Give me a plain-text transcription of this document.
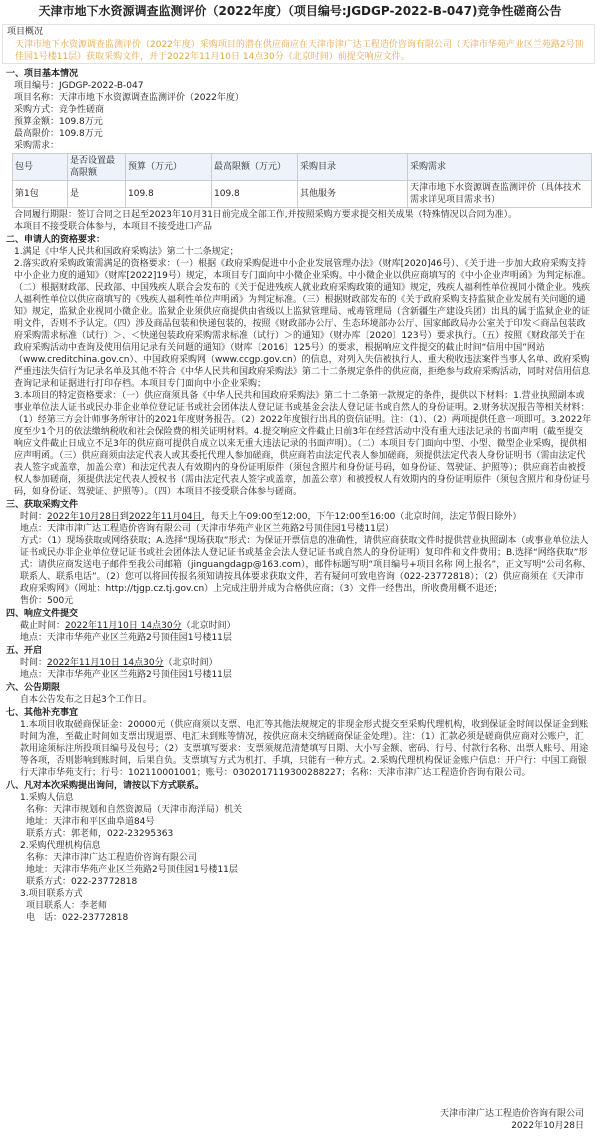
天津市地下水资源调查监测评价（2022年度）（项目编号:JGDGP-2022-B-047)竞争性磋商公告
项目概况
天津市地下水资源调查监测评价（2022年度）采购项目的潜在供应商应在天津市津广达工程造价咨询有限公司（天津市华苑产业区兰苑路2号顶佳园1号楼11层）获取采购文件，并于2022年11月10日 14点30分（北京时间）前提交响应文件。
一、项目基本情况
项目编号：JGDGP-2022-B-047
项目名称：天津市地下水资源调查监测评价（2022年度）
采购方式：竞争性磋商
预算金额：109.8万元
最高限价：109.8万元
采购需求：
包号	是否设置最高限额	预算（万元）	最高限额（万元）	采购目录	采购需求
第1包	是	109.8	109.8	其他服务	天津市地下水资源调查监测评价（具体技术需求详见项目需求书）
合同履行期限：签订合同之日起至2023年10月31日前完成全部工作,并按照采购方要求提交相关成果（特殊情况以合同为准）。
本项目不接受联合体参与，本项目不接受进口产品
二、申请人的资格要求：
1.满足《中华人民共和国政府采购法》第二十二条规定；
2.落实政府采购政策需满足的资格要求：（一）根据《政府采购促进中小企业发展管理办法》（财库[2020]46号）、《关于进一步加大政府采购支持中小企业力度的通知》（财库[2022]19号）规定，本项目专门面向中小微企业采购。中小微企业以供应商填写的《中小企业声明函》为判定标准。（二）根据财政部、民政部、中国残疾人联合会发布的《关于促进残疾人就业政府采购政策的通知》规定，残疾人福利性单位视同小微企业。残疾人福利性单位以供应商填写的《残疾人福利性单位声明函》为判定标准。（三）根据财政部发布的《关于政府采购支持监狱企业发展有关问题的通知》规定，监狱企业视同小微企业。监狱企业须供应商提供由省级以上监狱管理局、戒毒管理局（含新疆生产建设兵团）出具的属于监狱企业的证明文件，否则不予认定。（四）涉及商品包装和快递包装的，按照《财政部办公厅、生态环境部办公厅、国家邮政局办公室关于印发＜商品包装政府采购需求标准（试行）＞、＜快递包装政府采购需求标准（试行）＞的通知》（财办库〔2020〕123号）要求执行。（五）按照《财政部关于在政府采购活动中查询及使用信用记录有关问题的通知》（财库〔2016〕125号）的要求，根据响应文件提交的截止时间“信用中国”网站（www.creditchina.gov.cn）、中国政府采购网（www.ccgp.gov.cn）的信息，对列入失信被执行人、重大税收违法案件当事人名单、政府采购严重违法失信行为记录名单及其他不符合《中华人民共和国政府采购法》第二十二条规定条件的供应商，拒绝参与政府采购活动，同时对信用信息查询记录和证据进行打印存档。本项目专门面向中小企业采购；
3.本项目的特定资格要求：（一）供应商须具备《中华人民共和国政府采购法》第二十二条第一款规定的条件，提供以下材料：1.营业执照副本或事业单位法人证书或民办非企业单位登记证书或社会团体法人登记证书或基金会法人登记证书或自然人的身份证明。2.财务状况报告等相关材料：（1）经第三方会计师事务所审计的2021年度财务报告。（2）2022年度银行出具的资信证明。注：（1）、（2）两项提供任意一项即可。3.2022年度至少1个月的依法缴纳税收和社会保险费的相关证明材料。4.提交响应文件截止日前3年在经营活动中没有重大违法记录的书面声明（截至提交响应文件截止日成立不足3年的供应商可提供自成立以来无重大违法记录的书面声明）。（二）本项目专门面向中型、小型、微型企业采购，提供相应声明函。（三）供应商须由法定代表人或其委托代理人参加磋商，供应商若由法定代表人参加磋商，须提供法定代表人身份证明书（需由法定代表人签字或盖章，加盖公章）和法定代表人有效期内的身份证明原件（须包含照片和身份证号码，如身份证、驾驶证、护照等）；供应商若由被授权人参加磋商，须提供法定代表人授权书（需由法定代表人签字或盖章，加盖公章）和被授权人有效期内的身份证明原件（须包含照片和身份证号码，如身份证、驾驶证、护照等）。（四）本项目不接受联合体参与磋商。
三、获取采购文件
时间：2022年10月28日到2022年11月04日，每天上午09:00至12:00，下午12:00至16:00（北京时间，法定节假日除外）
地点：天津市津广达工程造价咨询有限公司（天津市华苑产业区兰苑路2号顶佳园1号楼11层）
方式：（1）现场获取或网络获取；A.选择“现场获取”形式：为保证开票信息的准确性，请供应商获取文件时提供营业执照副本（或事业单位法人证书或民办非企业单位登记证书或社会团体法人登记证书或基金会法人登记证书或自然人的身份证明）复印件和文件费用；B.选择“网络获取”形式：请供应商发送电子邮件至我公司邮箱（jinguangdagp@163.com），邮件标题写明“项目编号+项目名称 网上报名”，正文写明“公司名称、联系人、联系电话”。（2）您可以将回传报名须知请按具体要求获取文件，若有疑问可致电咨询（022-23772818）；（2）供应商须在《天津市政府采购网》（网址：http://tjgp.cz.tj.gov.cn）上完成注册并成为合格供应商；（3）文件一经售出，所收费用概不退还；
售价：500元
四、响应文件提交
截止时间：2022年11月10日 14点30分（北京时间）
地点：天津市华苑产业区兰苑路2号顶佳园1号楼11层
五、开启
时间：2022年11月10日 14点30分（北京时间）
地点：天津市华苑产业区兰苑路2号顶佳园1号楼11层
六、公告期限
自本公告发布之日起3个工作日。
七、其他补充事宜
1.本项目收取磋商保证金：20000元（供应商须以支票、电汇等其他法规规定的非现金形式提交至采购代理机构，收到保证金时间以保证金到账时间为准，至截止时间如支票出现退票、电汇未到账等情况，按供应商未交纳磋商保证金处理）。注：（1）汇款必须是磋商供应商对公账户，汇款用途须标注所投项目编号及包号；（2）支票填写要求：支票须规范清楚填写日期、大小写金额、密码、行号、付款行名称、出票人账号、用途等各项，否则影响到账时间，后果自负。支票填写方式为机打、手填，只能有一种方式。2.采购代理机构保证金账户信息：开户行：中国工商银行天津市华苑支行；行号：102110001001；账号：0302017119300288227；名称：天津市津广达工程造价咨询有限公司。
八、凡对本次采购提出询问，请按以下方式联系。
1.采购人信息
名称：天津市规划和自然资源局（天津市海洋局）机关
地址：天津市和平区曲阜道84号
联系方式：郭老师，022-23295363
2.采购代理机构信息
名称：天津市津广达工程造价咨询有限公司
地址：天津市华苑产业区兰苑路2号顶佳园1号楼11层
联系方式：022-23772818
3.项目联系方式
项目联系人：李老师
电　话：022-23772818
天津市津广达工程造价咨询有限公司
2022年10月28日
